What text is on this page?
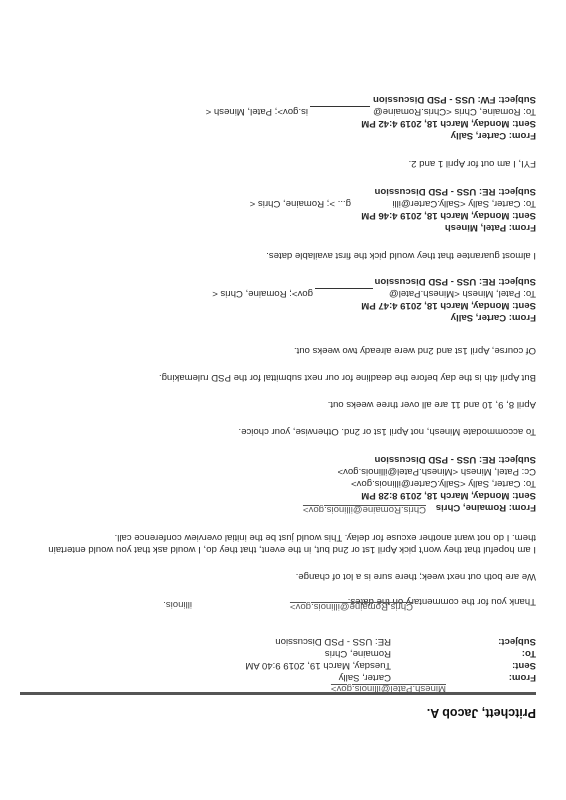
Pritchett, Jacob A.
Minesh.Patel@illinois.gov>
From:
Carter, Sally
Sent:
Tuesday, March 19, 2019 9:40 AM
To:
Romaine, Chris
Subject:
RE: USS - PSD Discussion
Thank you for the commentary on the dates.
Chris.Romaine@illinois.gov>
illinois.
We are both out next week; there sure is a lot of change.
I am hopeful that they won't pick April 1st or 2nd but, in the event, that they do, I would ask that you would entertain
them. I do not want another excuse for delay. This would just be the initial overview conference call.
Chris.Romaine@illinois.gov> From: Romaine, Chris
Sent: Monday, March 18, 2019 8:28 PM
To: Carter, Sally <Sally.Carter@illinois.gov>
Cc: Patel, Minesh <Minesh.Patel@illinois.gov>
Subject: RE: USS - PSD Discussion
To accommodate Minesh, not April 1st or 2nd. Otherwise, your choice.
April 8, 9, 10 and 11 are all over three weeks out.
But April 4th is the day before the deadline for our next submittal for the PSD rulemaking.
Of course, April 1st and 2nd were already two weeks out.
From: Carter, Sally
Sent: Monday, March 18, 2019 4:47 PM
To: Patel, Minesh <Minesh.Patel@
gov>; Romaine, Chris <
Subject: RE: USS - PSD Discussion
I almost guarantee that they would pick the first available dates.
From: Patel, Minesh
Sent: Monday, March 18, 2019 4:46 PM
To: Carter, Sally <Sally.Carter@illi
g... >; Romaine, Chris <
Subject: RE: USS - PSD Discussion
FYI, I am out for April 1 and 2.
From: Carter, Sally
Sent: Monday, March 18, 2019 4:42 PM
To: Romaine, Chris <Chris.Romaine@
is.gov>; Patel, Minesh <
Subject: FW: USS - PSD Discussion
